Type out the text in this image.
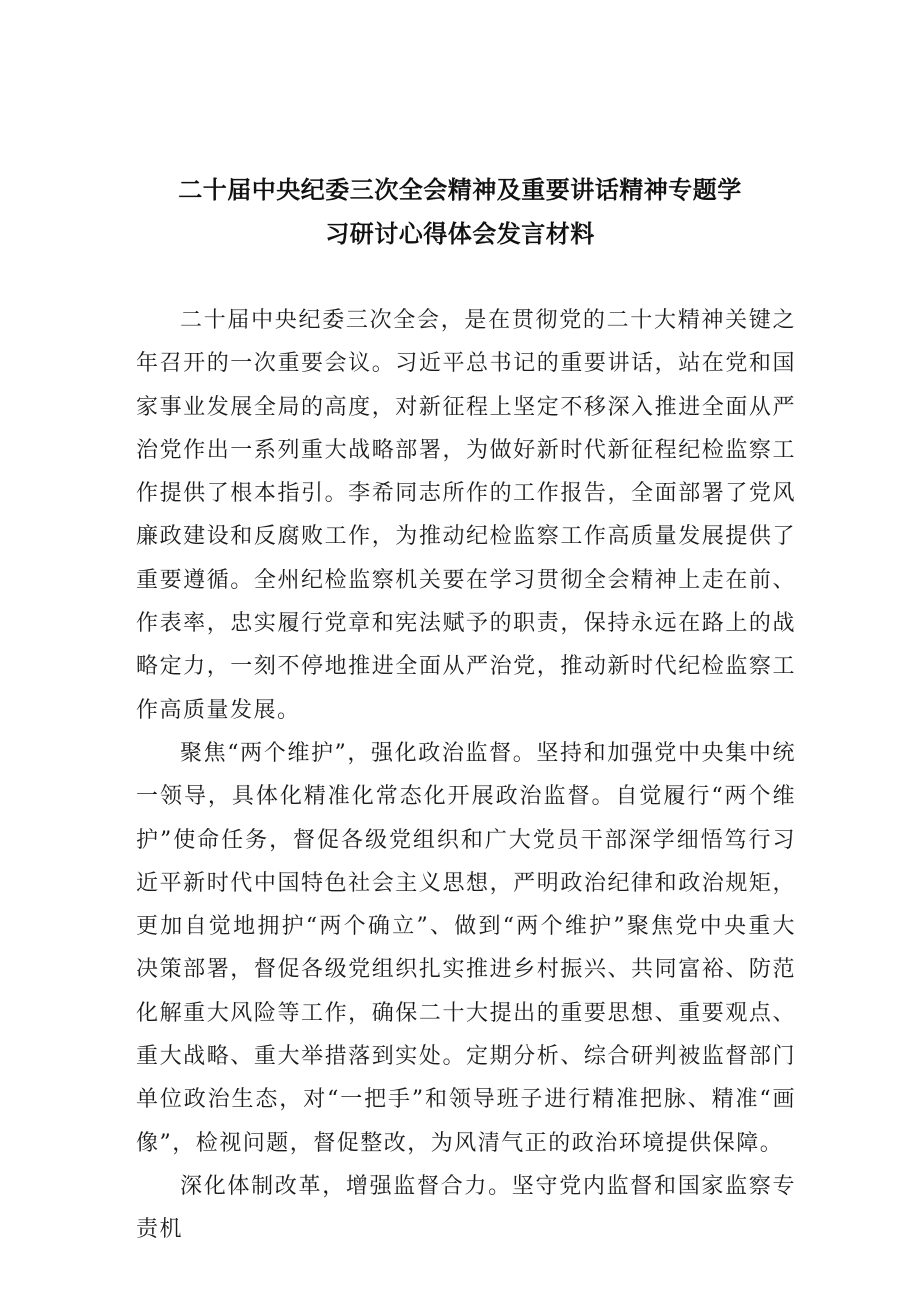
二十届中央纪委三次全会精神及重要讲话精神专题学
习研讨心得体会发言材料

二十届中央纪委三次全会，是在贯彻党的二十大精神关键之年召开的一次重要会议。习近平总书记的重要讲话，站在党和国家事业发展全局的高度，对新征程上坚定不移深入推进全面从严治党作出一系列重大战略部署，为做好新时代新征程纪检监察工作提供了根本指引。李希同志所作的工作报告，全面部署了党风廉政建设和反腐败工作，为推动纪检监察工作高质量发展提供了重要遵循。全州纪检监察机关要在学习贯彻全会精神上走在前、作表率，忠实履行党章和宪法赋予的职责，保持永远在路上的战略定力，一刻不停地推进全面从严治党，推动新时代纪检监察工作高质量发展。

聚焦“两个维护”，强化政治监督。坚持和加强党中央集中统一领导，具体化精准化常态化开展政治监督。自觉履行“两个维护”使命任务，督促各级党组织和广大党员干部深学细悟笃行习近平新时代中国特色社会主义思想，严明政治纪律和政治规矩，更加自觉地拥护“两个确立”、做到“两个维护”聚焦党中央重大决策部署，督促各级党组织扎实推进乡村振兴、共同富裕、防范化解重大风险等工作，确保二十大提出的重要思想、重要观点、重大战略、重大举措落到实处。定期分析、综合研判被监督部门单位政治生态，对“一把手”和领导班子进行精准把脉、精准“画像”，检视问题，督促整改，为风清气正的政治环境提供保障。

深化体制改革，增强监督合力。坚守党内监督和国家监察专责机
